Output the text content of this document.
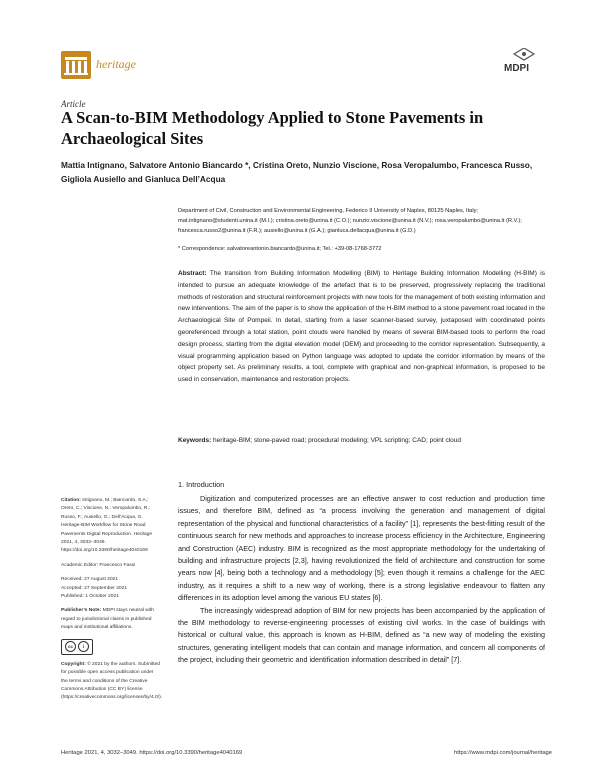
heritage	MDPI
Article
A Scan-to-BIM Methodology Applied to Stone Pavements in Archaeological Sites
Mattia Intignano, Salvatore Antonio Biancardo *, Cristina Oreto, Nunzio Viscione, Rosa Veropalumbo, Francesca Russo, Gigliola Ausiello and Gianluca Dell’Acqua
Department of Civil, Construction and Environmental Engineering, Federico II University of Naples, 80125 Naples, Italy; mat.intignano@studenti.unina.it (M.I.); cristina.oreto@unina.it (C.O.); nunzio.viscione@unina.it (N.V.); rosa.veropalumbo@unina.it (R.V.); francesca.russo2@unina.it (F.R.); ausiello@unina.it (G.A.); gianluca.dellacqua@unina.it (G.D.)
* Correspondence: salvatoreantonio.biancardo@unina.it; Tel.: +39-08-1768-3772
Abstract: The transition from Building Information Modelling (BIM) to Heritage Building Information Modelling (H-BIM) is intended to pursue an adequate knowledge of the artefact that is to be preserved, progressively replacing the traditional methods of restoration and structural reinforcement projects with new tools for the management of both existing information and new interventions. The aim of the paper is to show the application of the H-BIM method to a stone pavement road located in the Archaeological Site of Pompeii. In detail, starting from a laser scanner-based survey, juxtaposed with coordinated points georeferenced through a total station, point clouds were handled by means of several BIM-based tools to perform the road design process, starting from the digital elevation model (DEM) and proceeding to the corridor representation. Subsequently, a visual programming application based on Python language was adopted to update the corridor information by means of the object property set. As preliminary results, a tool, complete with graphical and non-graphical information, is proposed to be used in conservation, maintenance and restoration projects.
Keywords: heritage-BIM; stone-paved road; procedural modeling; VPL scripting; CAD; point cloud

Citation: Intignano, M.; Biancardo, S.A.; Oreto, C.; Viscione, N.; Veropalumbo, R.; Russo, F.; Ausiello, G.; Dell’Acqua, G. Heritage-BIM Workflow for Stone Road Pavements Digital Reproduction. Heritage 2021, 4, 3032–3049. https://doi.org/10.3390/heritage4040169

Academic Editor: Francesco Fassi

Received: 27 August 2021

Accepted: 27 September 2021

Published: 1 October 2021

Publisher’s Note: MDPI stays neutral with regard to jurisdictional claims in published maps and institutional affiliations.

cc	i

Copyright: © 2021 by the authors. Submitted for possible open access publication under the terms and conditions of the Creative Commons Attribution (CC BY) license (https://creativecommons.org/licenses/by/4.0/).

1. Introduction

Digitization and computerized processes are an effective answer to cost reduction and production time issues, and therefore BIM, defined as “a process involving the generation and management of digital representation of the physical and functional characteristics of a facility” [1], represents the best-fitting result of the continuous search for new methods and approaches to increase process efficiency in the Architecture, Engineering and Construction (AEC) industry. BIM is recognized as the most appropriate methodology for the undertaking of building and infrastructure projects [2,3], having revolutionized the field of architecture and construction for some years now [4], being both a technology and a methodology [5]; even though it remains a challenge for the AEC industry, as it requires a shift to a new way of working, there is a strong legislative endeavour to flatten any differences in its adoption level among the various EU states [6].

The increasingly widespread adoption of BIM for new projects has been accompanied by the application of the BIM methodology to reverse-engineering processes of existing civil works. In the case of buildings with historical or cultural value, this approach is known as H-BIM, defined as “a new way of modeling the existing structures, generating intelligent models that can contain and manage information, and concern all components of the project, including their geometric and identification information described in detail” [7].

Heritage 2021, 4, 3032–3049. https://doi.org/10.3390/heritage4040169	https://www.mdpi.com/journal/heritage
